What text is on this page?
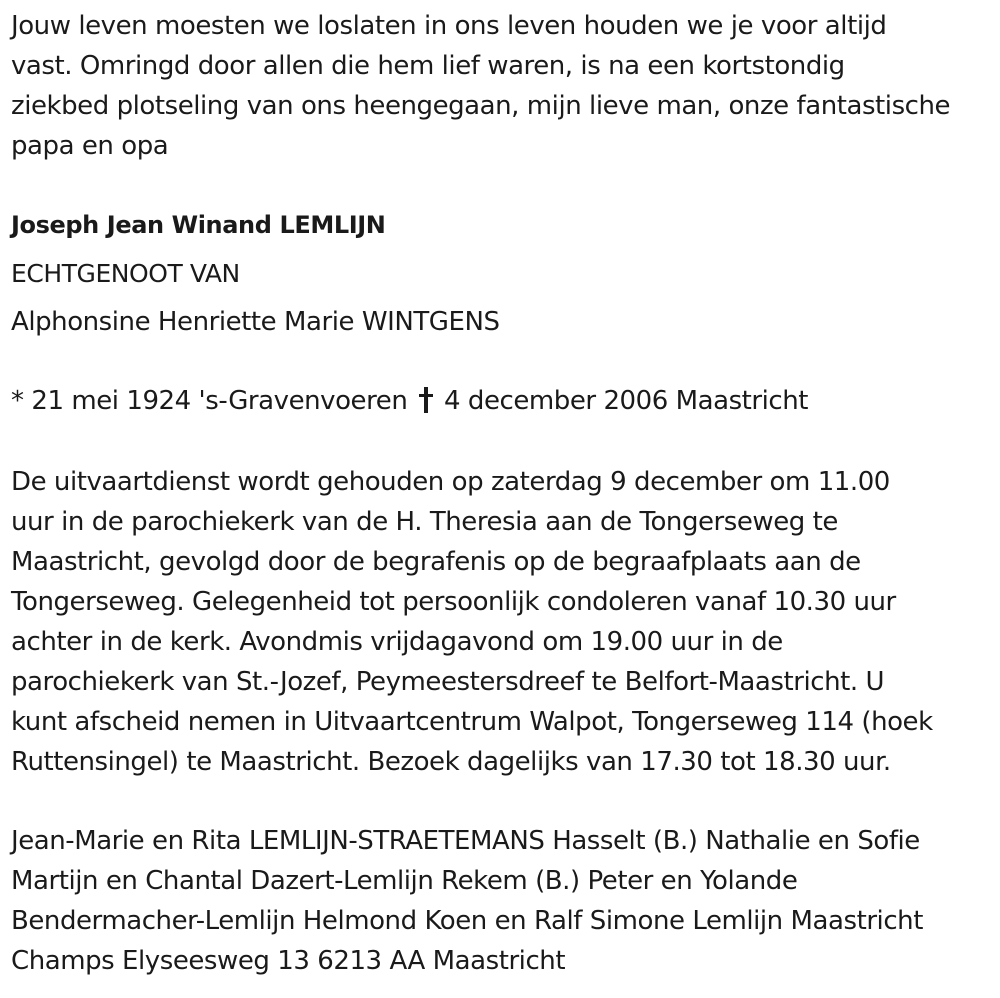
Jouw leven moesten we loslaten in ons leven houden we je voor altijd
vast. Omringd door allen die hem lief waren, is na een kortstondig
ziekbed plotseling van ons heengegaan, mijn lieve man, onze fantastische
papa en opa

Joseph Jean Winand LEMLIJN

ECHTGENOOT VAN

Alphonsine Henriette Marie WINTGENS

* 21 mei 1924 's-Gravenvoeren 4 december 2006 Maastricht

De uitvaartdienst wordt gehouden op zaterdag 9 december om 11.00
uur in de parochiekerk van de H. Theresia aan de Tongerseweg te
Maastricht, gevolgd door de begrafenis op de begraafplaats aan de
Tongerseweg. Gelegenheid tot persoonlijk condoleren vanaf 10.30 uur
achter in de kerk. Avondmis vrijdagavond om 19.00 uur in de
parochiekerk van St.-Jozef, Peymeestersdreef te Belfort-Maastricht. U
kunt afscheid nemen in Uitvaartcentrum Walpot, Tongerseweg 114 (hoek
Ruttensingel) te Maastricht. Bezoek dagelijks van 17.30 tot 18.30 uur.

Jean-Marie en Rita LEMLIJN-STRAETEMANS Hasselt (B.) Nathalie en Sofie
Martijn en Chantal Dazert-Lemlijn Rekem (B.) Peter en Yolande
Bendermacher-Lemlijn Helmond Koen en Ralf Simone Lemlijn Maastricht
Champs Elyseesweg 13 6213 AA Maastricht
